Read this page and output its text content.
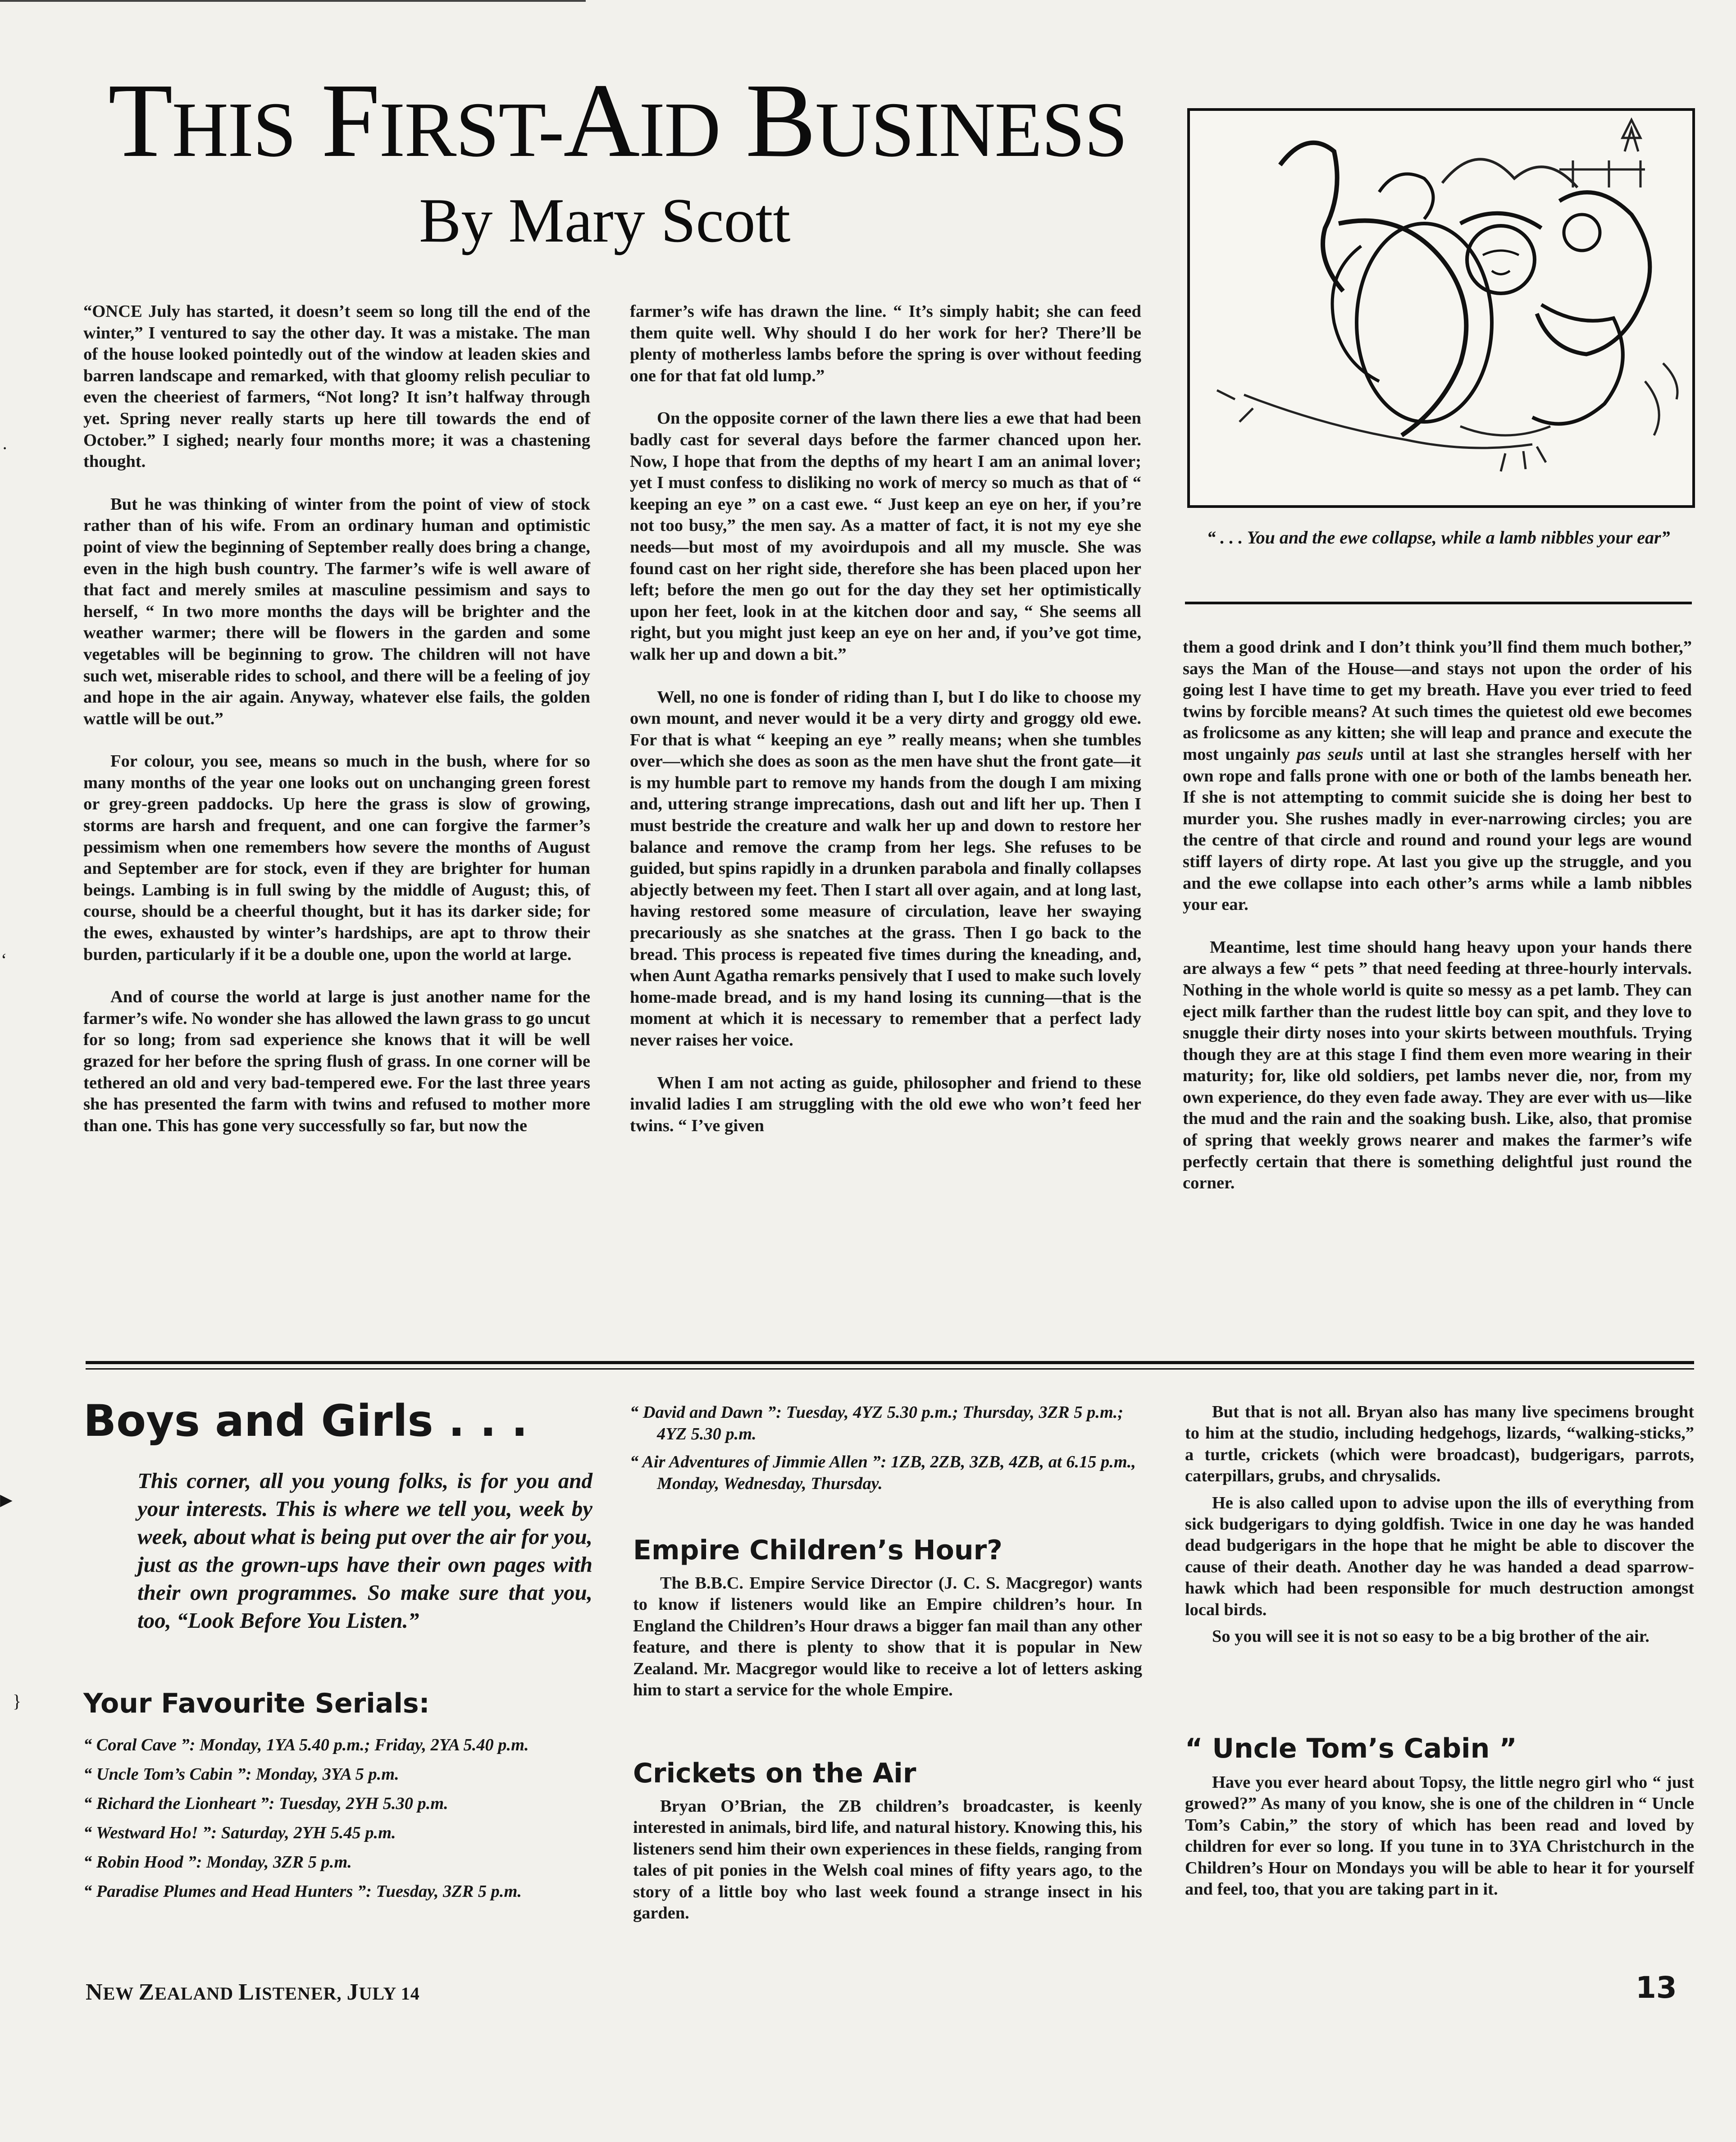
THIS FIRST-AID BUSINESS
By Mary Scott

“ONCE July has started, it doesn’t seem so long till the end of the winter,” I ventured to say the other day. It was a mistake. The man of the house looked pointedly out of the window at leaden skies and barren landscape and remarked, with that gloomy relish peculiar to even the cheeriest of farmers, “Not long? It isn’t halfway through yet. Spring never really starts up here till towards the end of October.” I sighed; nearly four months more; it was a chastening thought.

But he was thinking of winter from the point of view of stock rather than of his wife. From an ordinary human and optimistic point of view the beginning of September really does bring a change, even in the high bush country. The farmer’s wife is well aware of that fact and merely smiles at masculine pessimism and says to herself, “ In two more months the days will be brighter and the weather warmer; there will be flowers in the garden and some vegetables will be beginning to grow. The children will not have such wet, miserable rides to school, and there will be a feeling of joy and hope in the air again. Anyway, whatever else fails, the golden wattle will be out.”

For colour, you see, means so much in the bush, where for so many months of the year one looks out on unchanging green forest or grey-green paddocks. Up here the grass is slow of growing, storms are harsh and frequent, and one can forgive the farmer’s pessimism when one remembers how severe the months of August and September are for stock, even if they are brighter for human beings. Lambing is in full swing by the middle of August; this, of course, should be a cheerful thought, but it has its darker side; for the ewes, exhausted by winter’s hardships, are apt to throw their burden, particularly if it be a double one, upon the world at large.

And of course the world at large is just another name for the farmer’s wife. No wonder she has allowed the lawn grass to go uncut for so long; from sad experience she knows that it will be well grazed for her before the spring flush of grass. In one corner will be tethered an old and very bad-tempered ewe. For the last three years she has presented the farm with twins and refused to mother more than one. This has gone very successfully so far, but now the

farmer’s wife has drawn the line. “ It’s simply habit; she can feed them quite well. Why should I do her work for her? There’ll be plenty of motherless lambs before the spring is over without feeding one for that fat old lump.”

On the opposite corner of the lawn there lies a ewe that had been badly cast for several days before the farmer chanced upon her. Now, I hope that from the depths of my heart I am an animal lover; yet I must confess to disliking no work of mercy so much as that of “ keeping an eye ” on a cast ewe. “ Just keep an eye on her, if you’re not too busy,” the men say. As a matter of fact, it is not my eye she needs—but most of my avoirdupois and all my muscle. She was found cast on her right side, therefore she has been placed upon her left; before the men go out for the day they set her optimistically upon her feet, look in at the kitchen door and say, “ She seems all right, but you might just keep an eye on her and, if you’ve got time, walk her up and down a bit.”

Well, no one is fonder of riding than I, but I do like to choose my own mount, and never would it be a very dirty and groggy old ewe. For that is what “ keeping an eye ” really means; when she tumbles over—which she does as soon as the men have shut the front gate—it is my humble part to remove my hands from the dough I am mixing and, uttering strange imprecations, dash out and lift her up. Then I must bestride the creature and walk her up and down to restore her balance and remove the cramp from her legs. She refuses to be guided, but spins rapidly in a drunken parabola and finally collapses abjectly between my feet. Then I start all over again, and at long last, having restored some measure of circulation, leave her swaying precariously as she snatches at the grass. Then I go back to the bread. This process is repeated five times during the kneading, and, when Aunt Agatha remarks pensively that I used to make such lovely home-made bread, and is my hand losing its cunning—that is the moment at which it is necessary to remember that a perfect lady never raises her voice.

When I am not acting as guide, philosopher and friend to these invalid ladies I am struggling with the old ewe who won’t feed her twins. “ I’ve given

“ . . . You and the ewe collapse, while a lamb nibbles your ear”

them a good drink and I don’t think you’ll find them much bother,” says the Man of the House—and stays not upon the order of his going lest I have time to get my breath. Have you ever tried to feed twins by forcible means? At such times the quietest old ewe becomes as frolicsome as any kitten; she will leap and prance and execute the most ungainly pas seuls until at last she strangles herself with her own rope and falls prone with one or both of the lambs beneath her. If she is not attempting to commit suicide she is doing her best to murder you. She rushes madly in ever-narrowing circles; you are the centre of that circle and round and round your legs are wound stiff layers of dirty rope. At last you give up the struggle, and you and the ewe collapse into each other’s arms while a lamb nibbles your ear.

Meantime, lest time should hang heavy upon your hands there are always a few “ pets ” that need feeding at three-hourly intervals. Nothing in the whole world is quite so messy as a pet lamb. They can eject milk farther than the rudest little boy can spit, and they love to snuggle their dirty noses into your skirts between mouthfuls. Trying though they are at this stage I find them even more wearing in their maturity; for, like old soldiers, pet lambs never die, nor, from my own experience, do they even fade away. They are ever with us—like the mud and the rain and the soaking bush. Like, also, that promise of spring that weekly grows nearer and makes the farmer’s wife perfectly certain that there is something delightful just round the corner.

Boys and Girls . . .
This corner, all you young folks, is for you and your interests. This is where we tell you, week by week, about what is being put over the air for you, just as the grown-ups have their own pages with their own programmes. So make sure that you, too, “Look Before You Listen.”
} Your Favourite Serials:
“ Coral Cave ”: Monday, 1YA 5.40 p.m.; Friday, 2YA 5.40 p.m.
“ Uncle Tom’s Cabin ”: Monday, 3YA 5 p.m.
“ Richard the Lionheart ”: Tuesday, 2YH 5.30 p.m.
“ Westward Ho! ”: Saturday, 2YH 5.45 p.m.
“ Robin Hood ”: Monday, 3ZR 5 p.m.
“ Paradise Plumes and Head Hunters ”: Tuesday, 3ZR 5 p.m.
“ David and Dawn ”: Tuesday, 4YZ 5.30 p.m.; Thursday, 3ZR 5 p.m.; 4YZ 5.30 p.m.
“ Air Adventures of Jimmie Allen ”: 1ZB, 2ZB, 3ZB, 4ZB, at 6.15 p.m., Monday, Wednesday, Thursday.
Empire Children’s Hour?

The B.B.C. Empire Service Director (J. C. S. Macgregor) wants to know if listeners would like an Empire children’s hour. In England the Children’s Hour draws a bigger fan mail than any other feature, and there is plenty to show that it is popular in New Zealand. Mr. Macgregor would like to receive a lot of letters asking him to start a service for the whole Empire.

Crickets on the Air

Bryan O’Brian, the ZB children’s broadcaster, is keenly interested in animals, bird life, and natural history. Knowing this, his listeners send him their own experiences in these fields, ranging from tales of pit ponies in the Welsh coal mines of fifty years ago, to the story of a little boy who last week found a strange insect in his garden.

But that is not all. Bryan also has many live specimens brought to him at the studio, including hedgehogs, lizards, “walking-sticks,” a turtle, crickets (which were broadcast), budgerigars, parrots, caterpillars, grubs, and chrysalids.

He is also called upon to advise upon the ills of everything from sick budgerigars to dying goldfish. Twice in one day he was handed dead budgerigars in the hope that he might be able to discover the cause of their death. Another day he was handed a dead sparrow-hawk which had been responsible for much destruction amongst local birds.

So you will see it is not so easy to be a big brother of the air.

“ Uncle Tom’s Cabin ”

Have you ever heard about Topsy, the little negro girl who “ just growed?” As many of you know, she is one of the children in “ Uncle Tom’s Cabin,” the story of which has been read and loved by children for ever so long. If you tune in to 3YA Christchurch in the Children’s Hour on Mondays you will be able to hear it for yourself and feel, too, that you are taking part in it.

NEW ZEALAND LISTENER, JULY 14	13
·
‘
▶
